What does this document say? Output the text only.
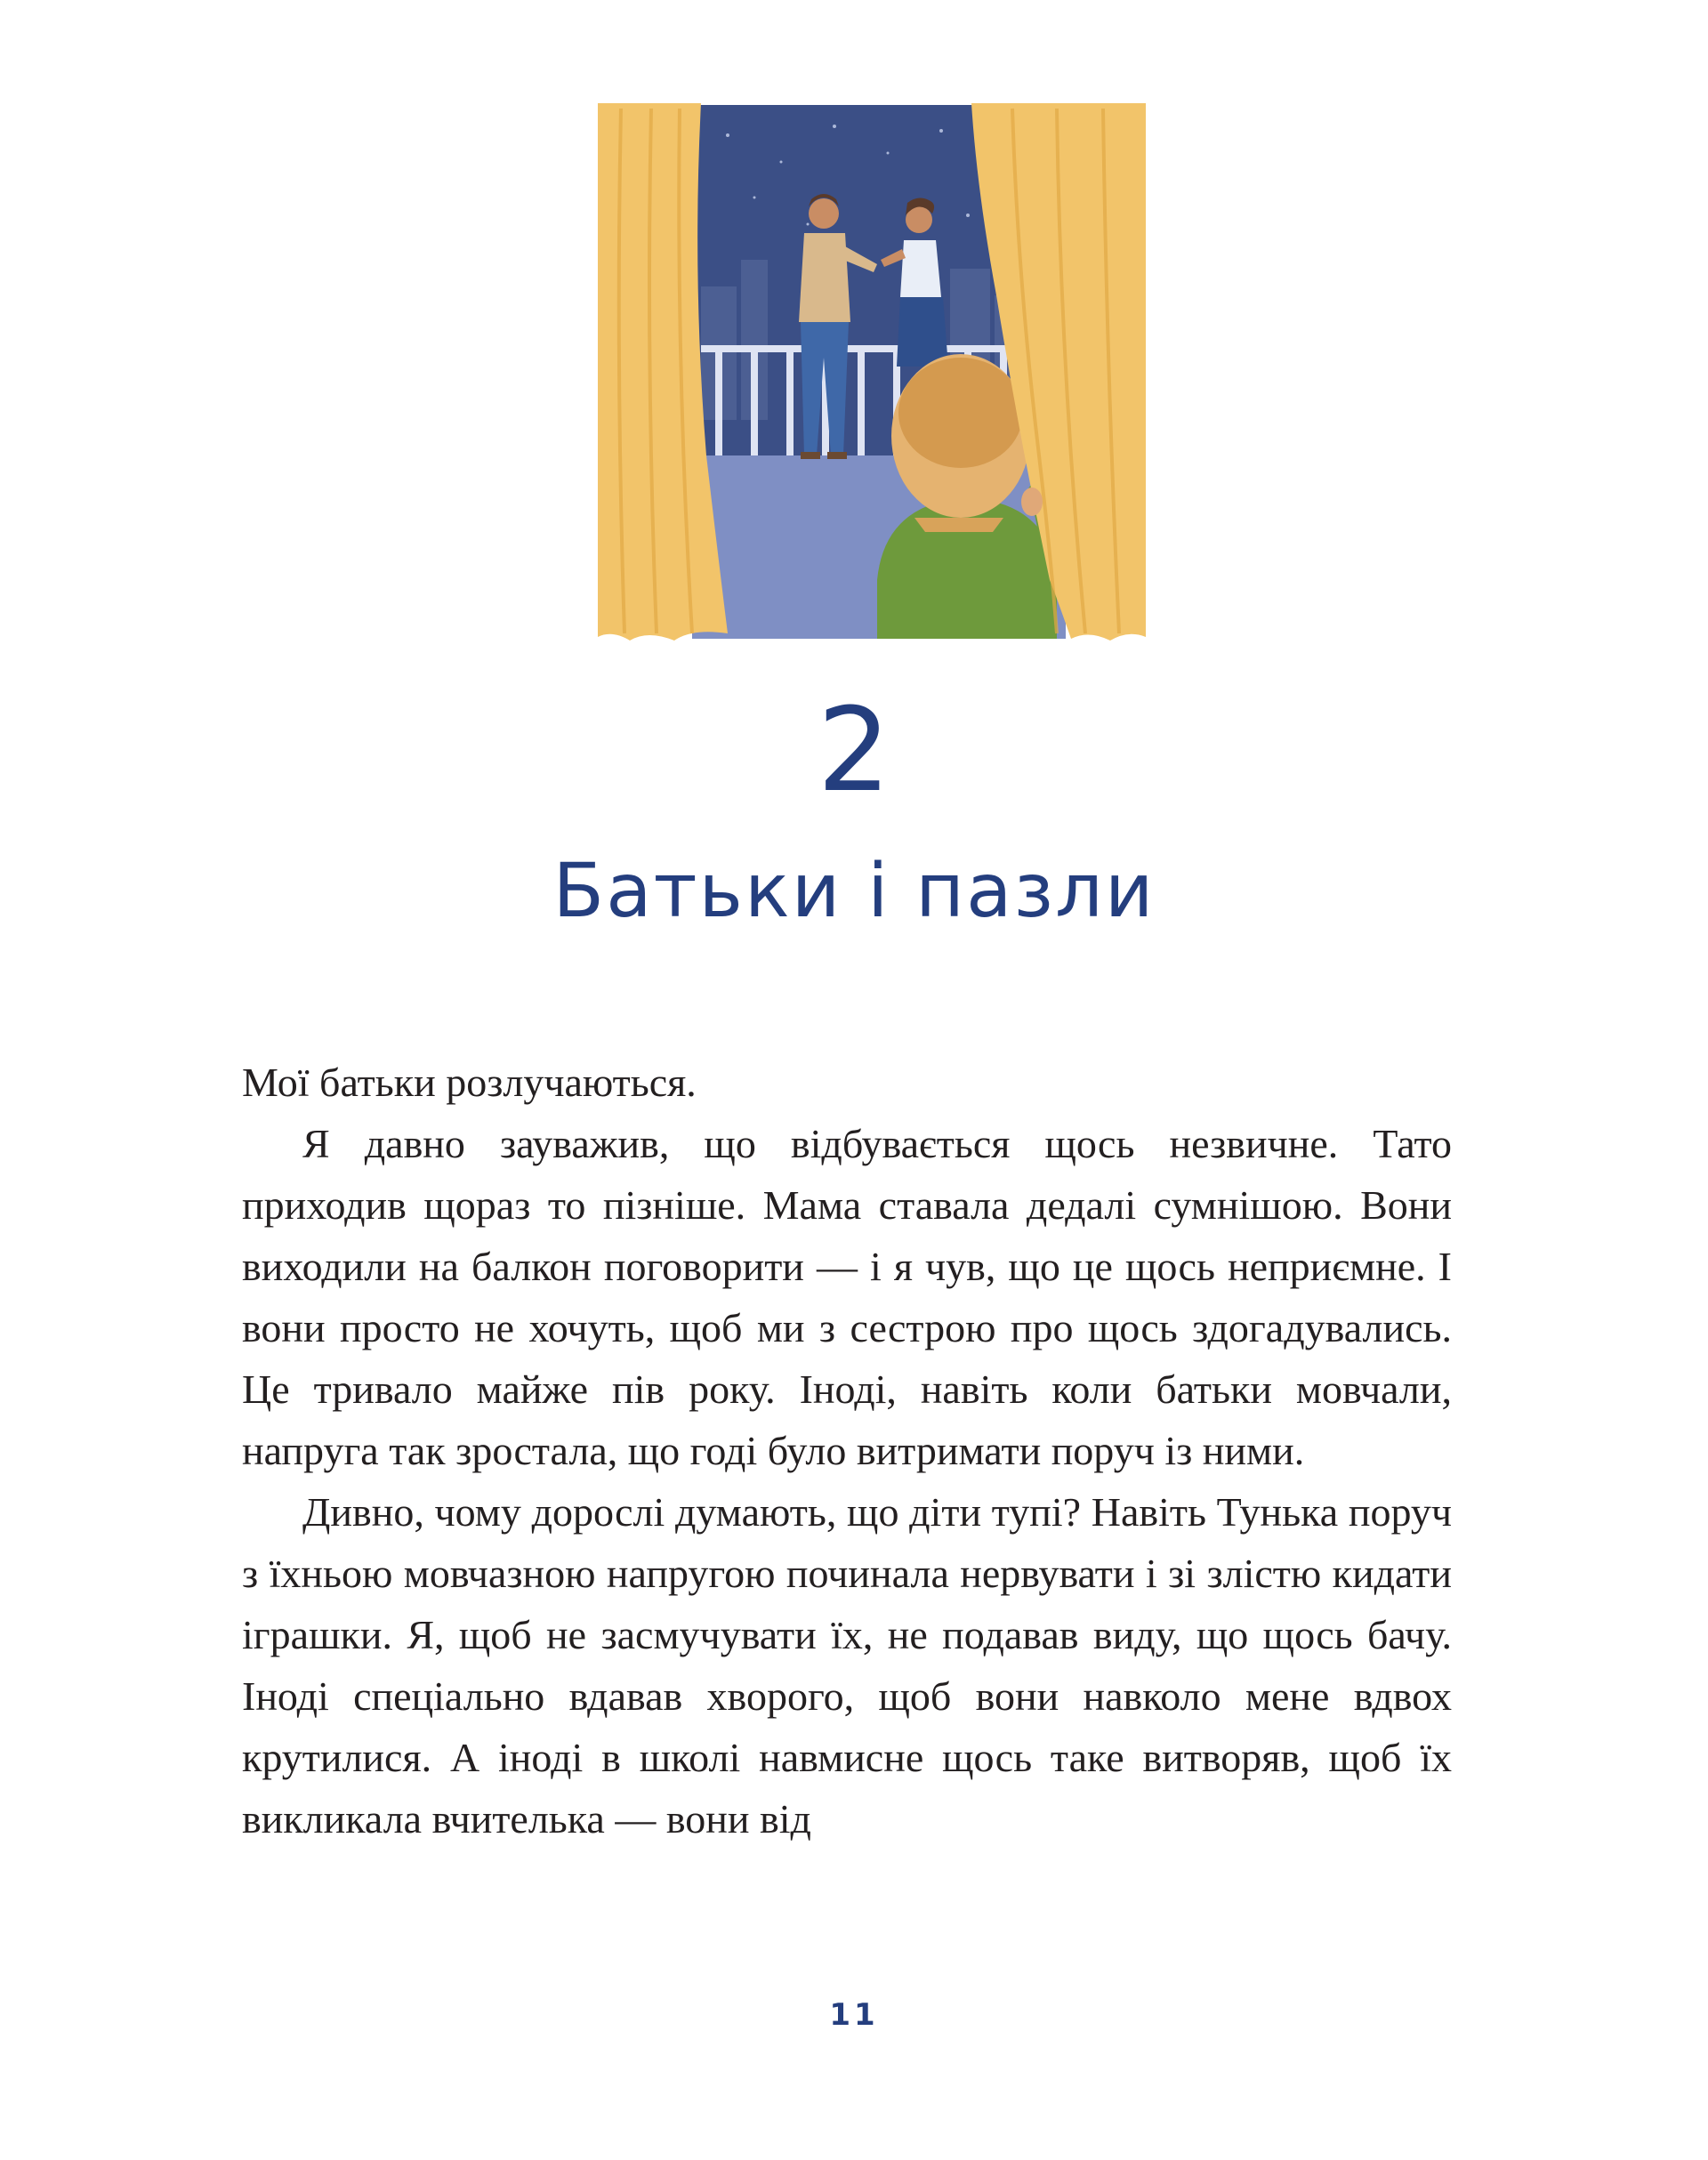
2
Батьки і пазли

Мої батьки розлучаються.

Я давно зауважив, що відбувається щось незвичне. Тато приходив щораз то пізніше. Мама ставала дедалі сумнішою. Вони виходили на балкон поговорити — і я чув, що це щось неприємне. І вони просто не хочуть, щоб ми з сестрою про щось здогадувались. Це тривало майже пів року. Іноді, навіть коли батьки мовчали, напруга так зростала, що годі було витримати поруч із ними.

Дивно, чому дорослі думають, що діти тупі? Навіть Тунька поруч з їхньою мовчазною напругою починала нервувати і зі злістю кидати іграшки. Я, щоб не засмучувати їх, не подавав виду, що щось бачу. Іноді спеціально вдавав хворого, щоб вони навколо мене вдвох крутилися. А іноді в школі навмисне щось таке витворяв, щоб їх викликала вчителька — вони від

11
